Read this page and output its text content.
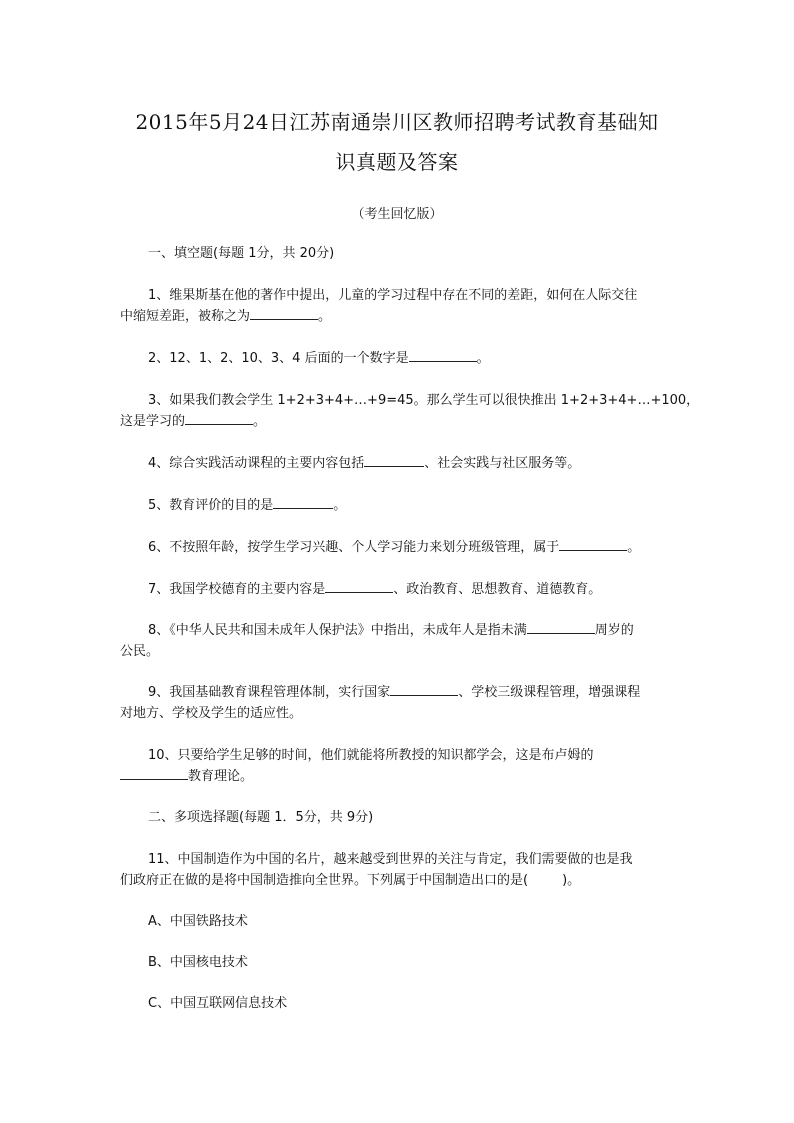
2015年5月24日江苏南通崇川区教师招聘考试教育基础知
识真题及答案
（考生回忆版）
一、填空题(每题 1分，共 20分)
1、维果斯基在他的著作中提出，儿童的学习过程中存在不同的差距，如何在人际交往
中缩短差距，被称之为	。
2、12、1、2、10、3、4 后面的一个数字是	。
3、如果我们教会学生 1+2+3+4+…+9=45。那么学生可以很快推出 1+2+3+4+…+100，
这是学习的	。
4、综合实践活动课程的主要内容包括	、社会实践与社区服务等。
5、教育评价的目的是	。
6、不按照年龄，按学生学习兴趣、个人学习能力来划分班级管理，属于	。
7、我国学校德育的主要内容是	、政治教育、思想教育、道德教育。
8、《中华人民共和国未成年人保护法》中指出，未成年人是指未满	周岁的
公民。
9、我国基础教育课程管理体制，实行国家	、学校三级课程管理，增强课程
对地方、学校及学生的适应性。
10、只要给学生足够的时间，他们就能将所教授的知识都学会，这是布卢姆的
教育理论。
二、多项选择题(每题 1．5分，共 9分)
11、中国制造作为中国的名片，越来越受到世界的关注与肯定，我们需要做的也是我
们政府正在做的是将中国制造推向全世界。下列属于中国制造出口的是(	)。
A、中国铁路技术
B、中国核电技术
C、中国互联网信息技术
